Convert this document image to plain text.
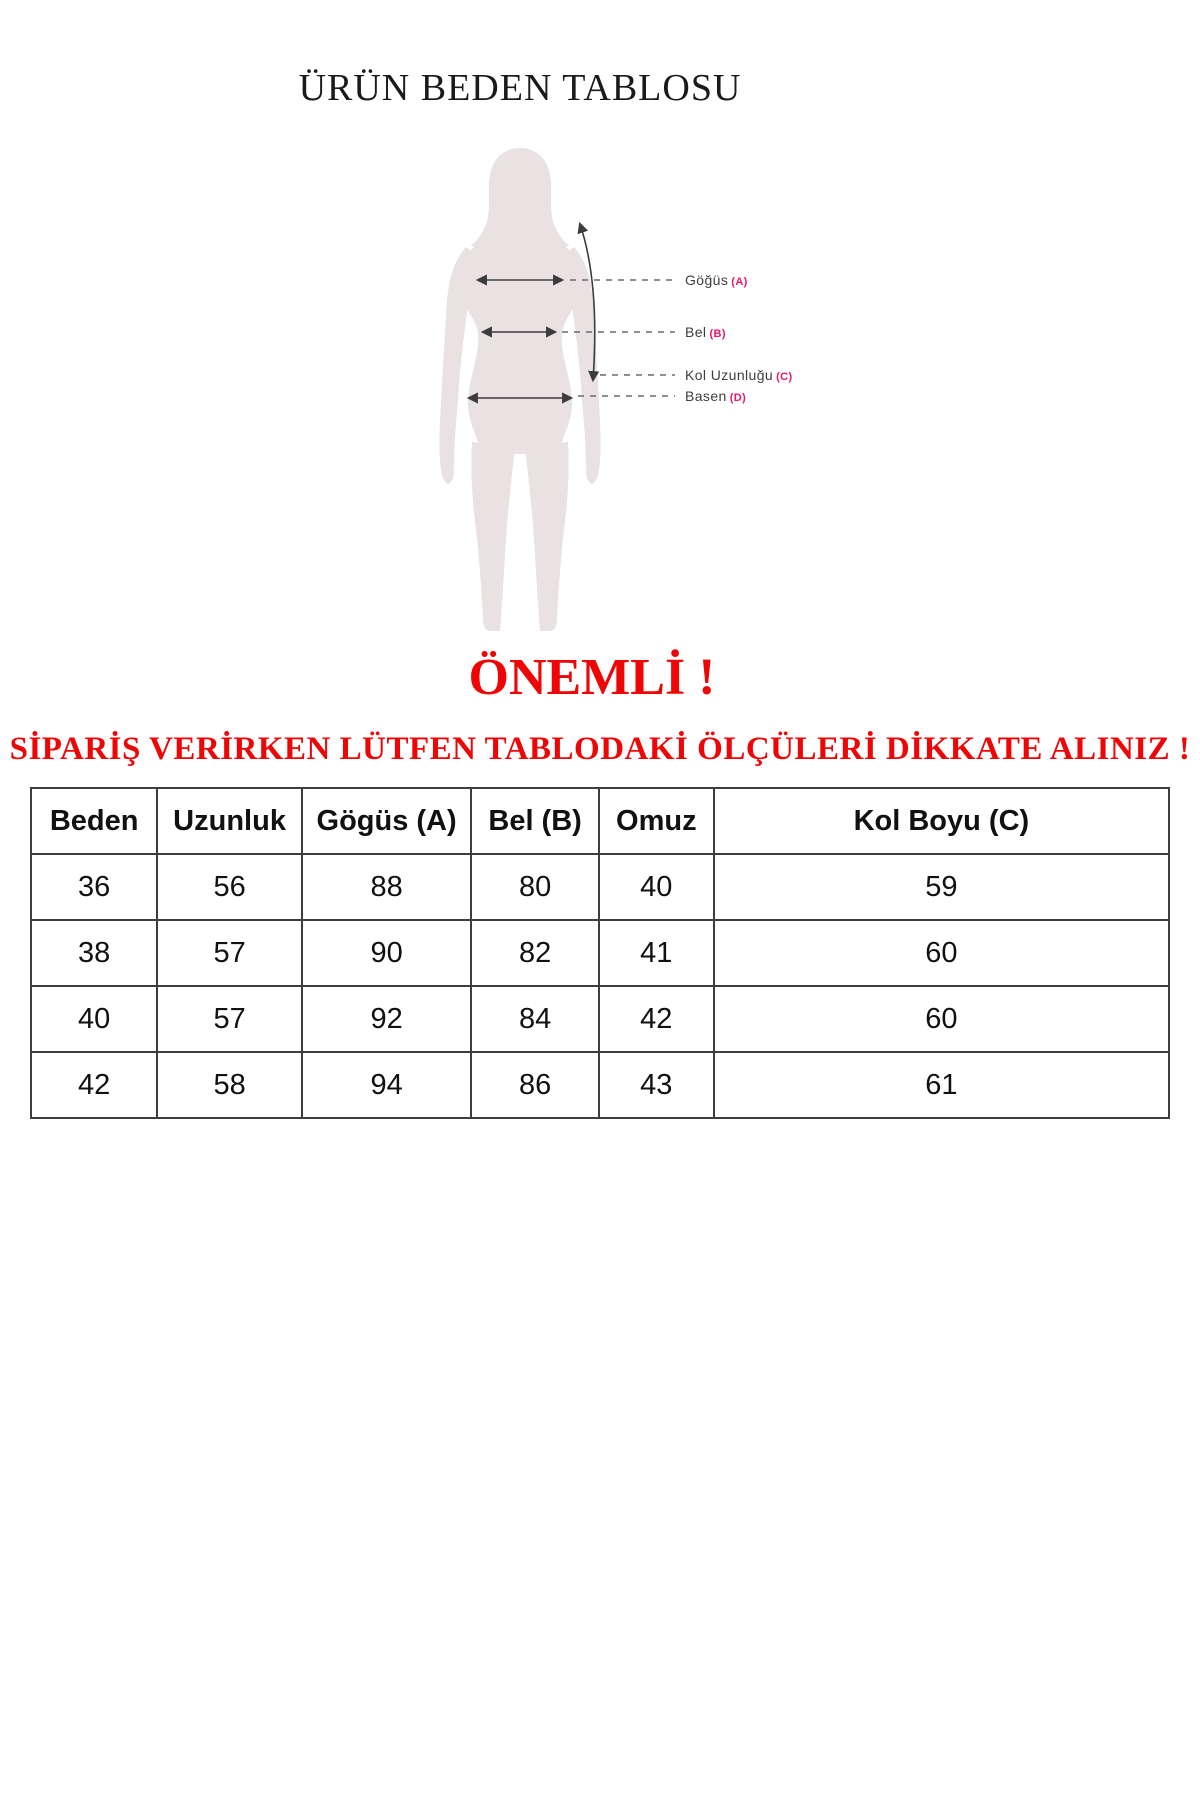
ÜRÜN BEDEN TABLOSU
Göğüs (A)
Bel (B)
Kol Uzunluğu (C)
Basen (D)
ÖNEMLİ !
SİPARİŞ VERİRKEN LÜTFEN TABLODAKİ ÖLÇÜLERİ DİKKATE ALINIZ !
Beden	Uzunluk	Gögüs (A)	Bel (B)	Omuz	Kol Boyu (C)
36	56	88	80	40	59
38	57	90	82	41	60
40	57	92	84	42	60
42	58	94	86	43	61
